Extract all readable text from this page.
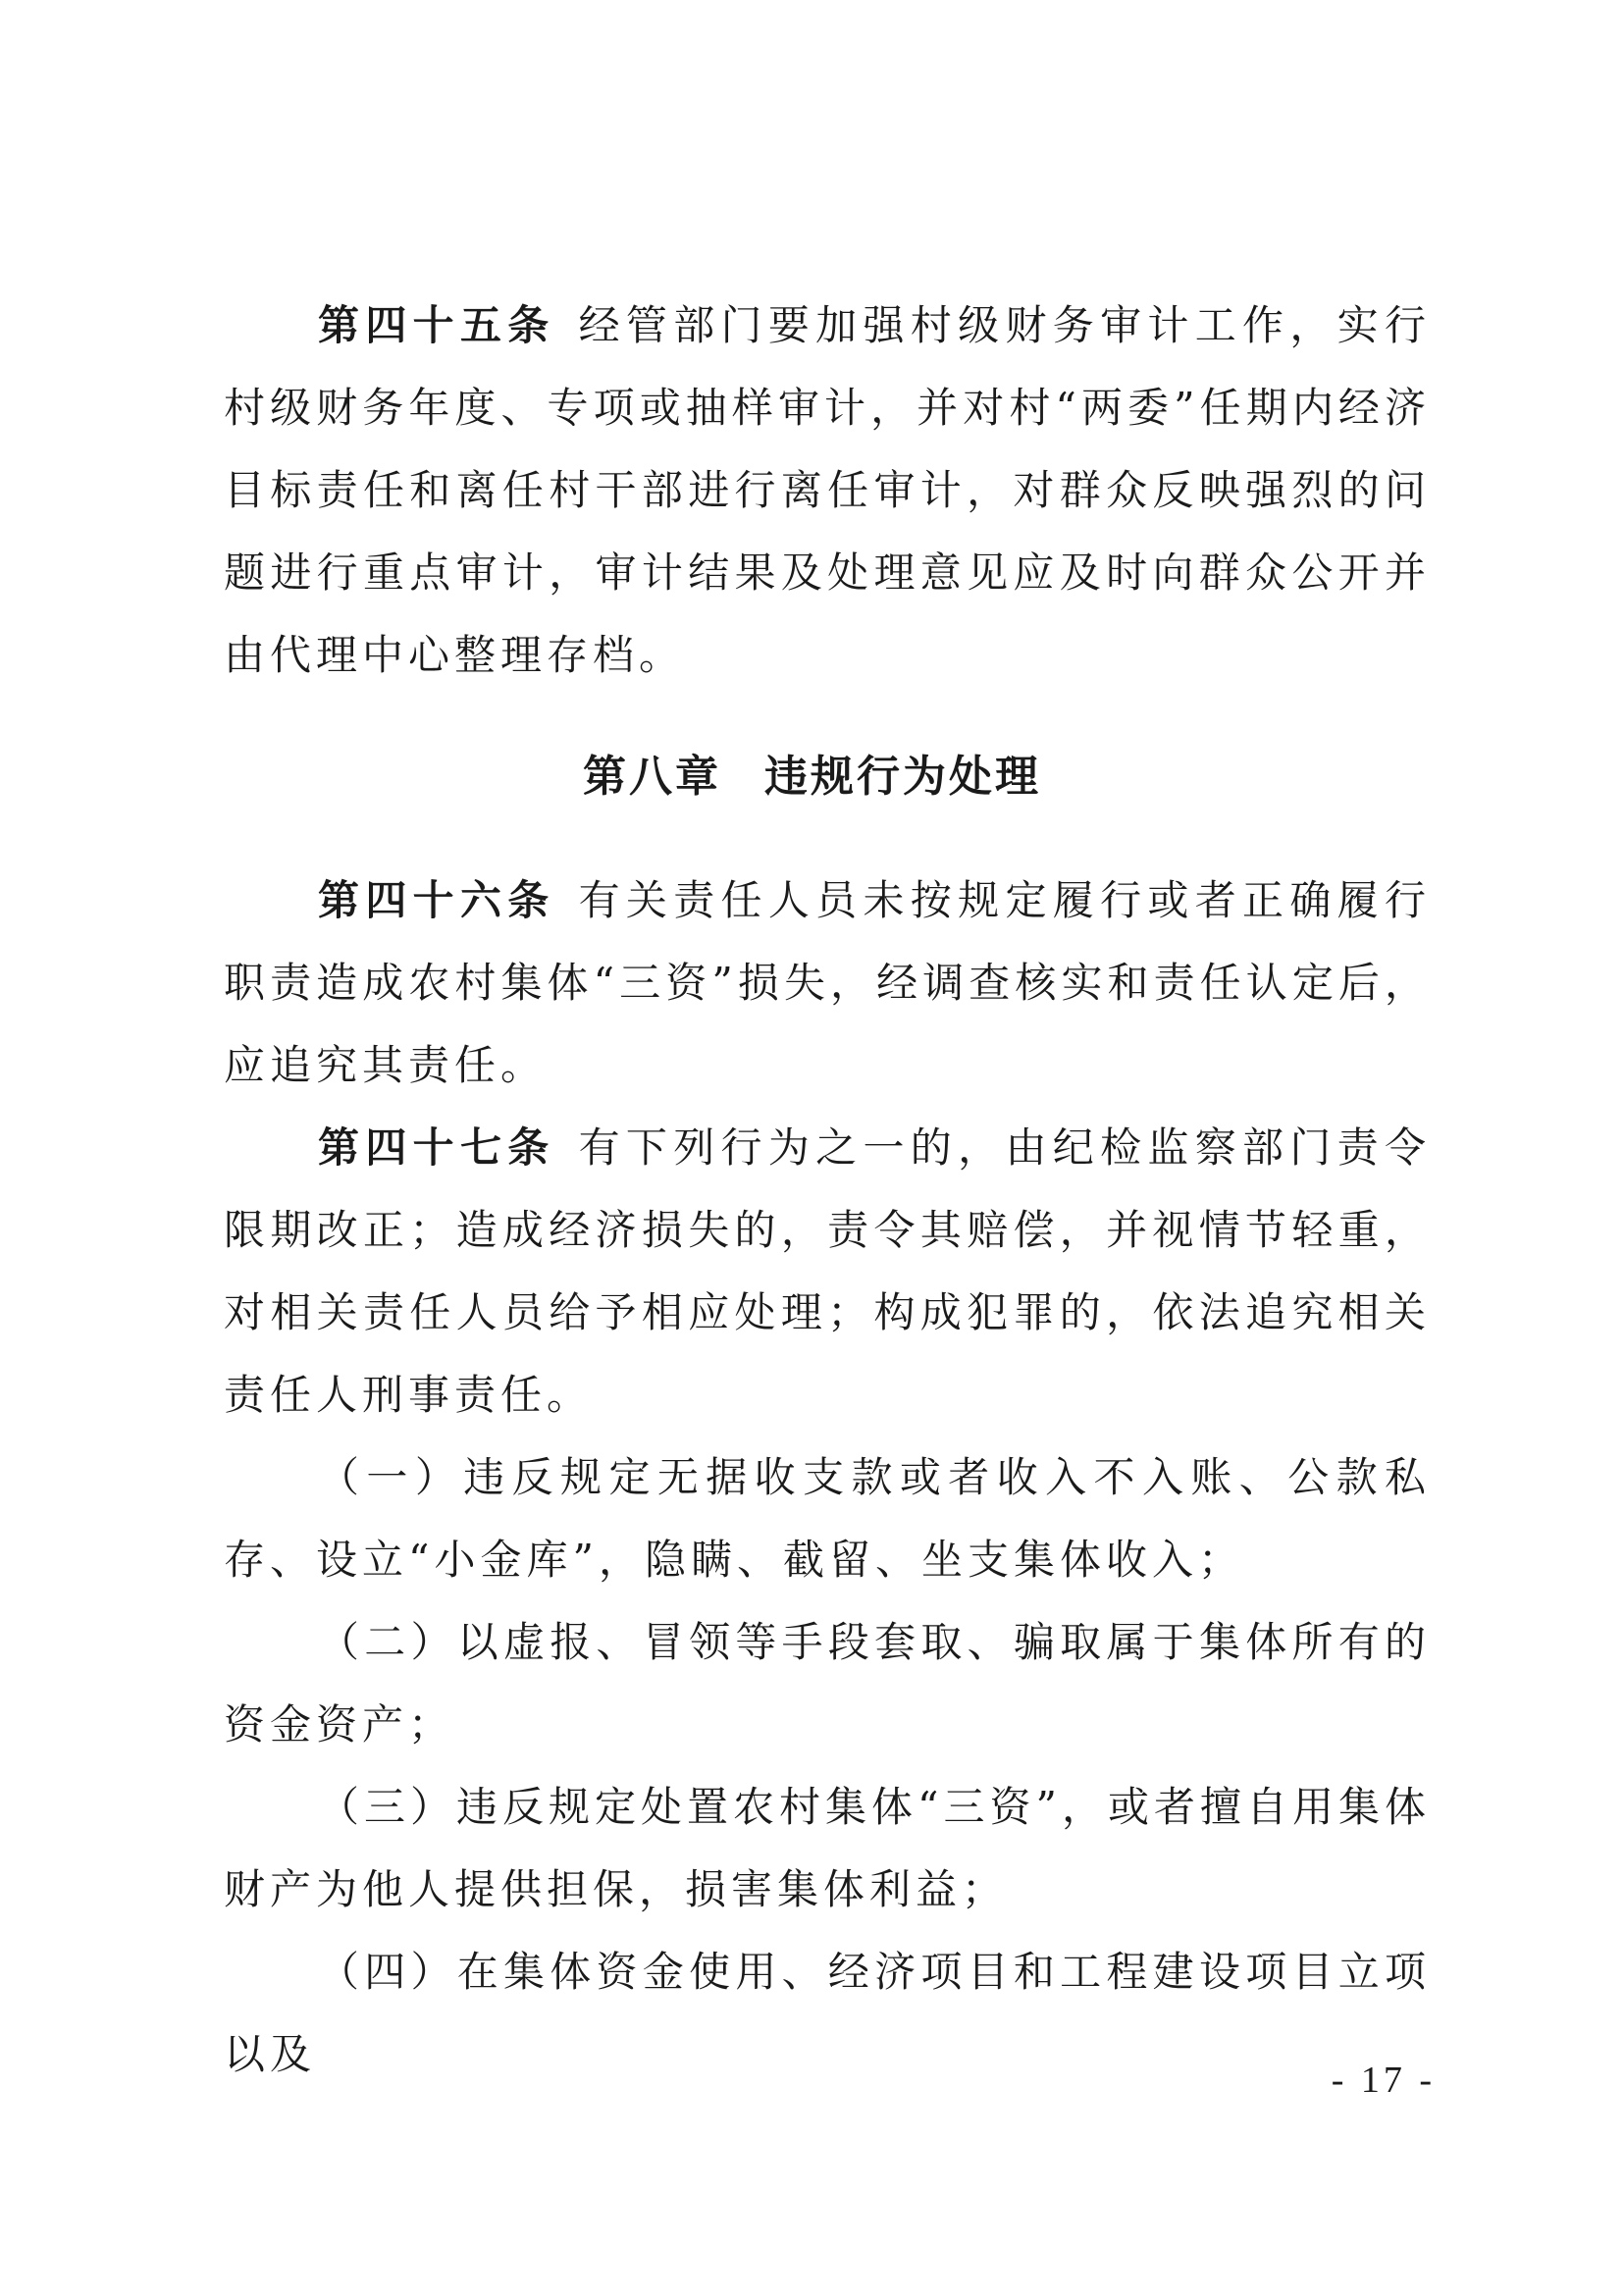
第四十五条 经管部门要加强村级财务审计工作，实行村级财务年度、专项或抽样审计，并对村“两委”任期内经济目标责任和离任村干部进行离任审计，对群众反映强烈的问题进行重点审计，审计结果及处理意见应及时向群众公开并由代理中心整理存档。

第八章 违规行为处理

第四十六条 有关责任人员未按规定履行或者正确履行职责造成农村集体“三资”损失，经调查核实和责任认定后，应追究其责任。

第四十七条 有下列行为之一的，由纪检监察部门责令限期改正；造成经济损失的，责令其赔偿，并视情节轻重，对相关责任人员给予相应处理；构成犯罪的，依法追究相关责任人刑事责任。

（一）违反规定无据收支款或者收入不入账、公款私存、设立“小金库”，隐瞒、截留、坐支集体收入；

（二）以虚报、冒领等手段套取、骗取属于集体所有的资金资产；

（三）违反规定处置农村集体“三资”，或者擅自用集体财产为他人提供担保，损害集体利益；

（四）在集体资金使用、经济项目和工程建设项目立项以及

- 17 -
